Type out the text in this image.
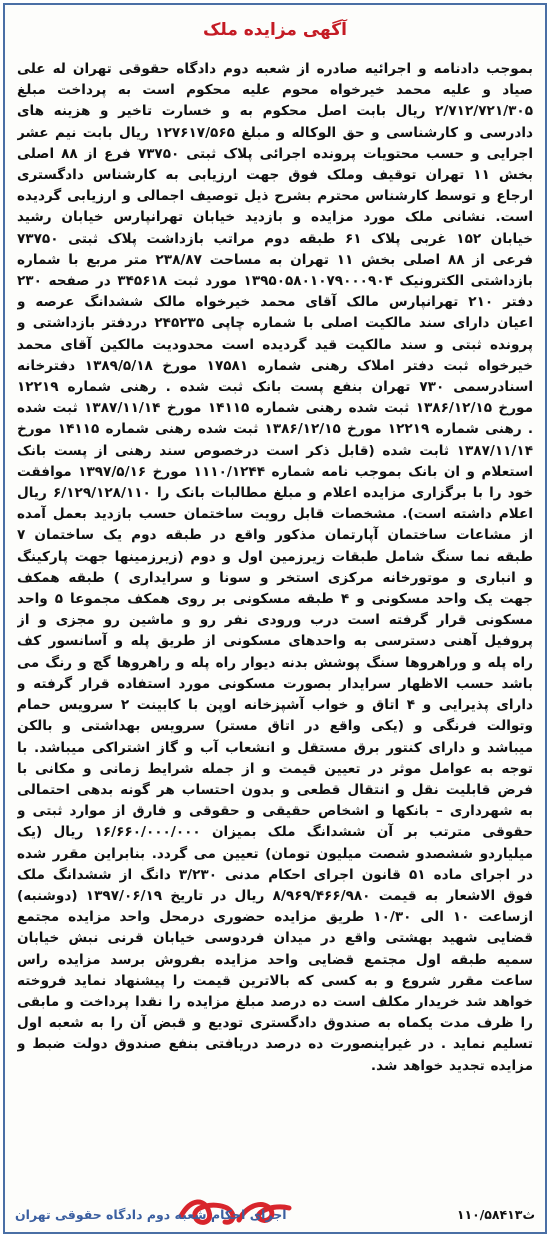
آگهی مزایده ملک
بموجب دادنامه و اجرائیه صادره از شعبه دوم دادگاه حقوقی تهران له علی صیاد و علیه محمد خیرخواه محوم علیه محکوم است به پرداخت مبلغ ۲/۷۱۲/۷۲۱/۳۰۵ ریال بابت اصل محکوم به و خسارت تاخیر و هزینه های دادرسی و کارشناسی و حق الوکاله و مبلغ ۱۲۷۶۱۷/۵۶۵ ریال بابت نیم عشر اجرایی و حسب محتویات پرونده اجرائی پلاک ثبتی ۷۳۷۵۰ فرع از ۸۸ اصلی بخش ۱۱ تهران توقیف وملک فوق جهت ارزیابی به کارشناس دادگستری ارجاع و توسط کارشناس محترم بشرح ذیل توصیف اجمالی و ارزیابی گردیده است. نشانی ملک مورد مزایده و بازدید خیابان تهرانپارس خیابان رشید خیابان ۱۵۲ غربی پلاک ۶۱ طبقه دوم مراتب بازداشت پلاک ثبتی ۷۳۷۵۰ فرعی از ۸۸ اصلی بخش ۱۱ تهران به مساحت ۲۳۸/۸۷ متر مربع با شماره بازداشتی الکترونیک ۱۳۹۵۰۵۸۰۱۰۷۹۰۰۰۹۰۴ مورد ثبت ۳۴۵۶۱۸ در صفحه ۲۳۰ دفتر ۲۱۰ تهرانپارس مالک آقای محمد خیرخواه مالک ششدانگ عرصه و اعیان دارای سند مالکیت اصلی با شماره چاپی ۲۴۵۲۳۵ دردفتر بازداشتی و پرونده ثبتی و سند مالکیت قید گردیده است محدودیت مالکین آقای محمد خیرخواه ثبت دفتر املاک رهنی شماره ۱۷۵۸۱ مورخ ۱۳۸۹/۵/۱۸ دفترخانه اسنادرسمی ۷۳۰ تهران بنفع پست بانک ثبت شده . رهنی شماره ۱۲۲۱۹ مورخ ۱۳۸۶/۱۲/۱۵ ثبت شده رهنی شماره ۱۴۱۱۵ مورخ ۱۳۸۷/۱۱/۱۴ ثبت شده . رهنی شماره ۱۲۲۱۹ مورخ ۱۳۸۶/۱۲/۱۵ ثبت شده رهنی شماره ۱۴۱۱۵ مورخ ۱۳۸۷/۱۱/۱۴ ثابت شده (قابل ذکر است درخصوص سند رهنی از پست بانک استعلام و ان بانک بموجب نامه شماره ۱۱۱۰/۱۲۴۴ مورخ ۱۳۹۷/۵/۱۶ موافقت خود را با برگزاری مزایده اعلام و مبلغ مطالبات بانک را ۶/۱۲۹/۱۲۸/۱۱۰ ریال اعلام داشته است). مشخصات قابل رویت ساختمان حسب بازدید بعمل آمده از مشاعات ساختمان آپارتمان مذکور واقع در طبقه دوم یک ساختمان ۷ طبقه نما سنگ شامل طبقات زیرزمین اول و دوم (زیرزمینها جهت پارکینگ و انباری و موتورخانه مرکزی استخر و سونا و سرایداری ) طبقه همکف جهت یک واحد مسکونی و ۴ طبقه مسکونی بر روی همکف مجموعا ۵ واحد مسکونی قرار گرفته است درب ورودی نفر رو و ماشین رو مجزی و از پروفیل آهنی دسترسی به واحدهای مسکونی از طریق پله و آسانسور کف راه پله و وراهروها سنگ پوشش بدنه دیوار راه پله و راهروها گچ و رنگ می باشد حسب الاظهار سرایدار بصورت مسکونی مورد استفاده قرار گرفته و دارای پذیرایی و ۴ اتاق و خواب آشپزخانه اوپن با کابینت ۲ سرویس حمام وتوالت فرنگی و (یکی واقع در اتاق مستر) سرویس بهداشتی و بالکن میباشد و دارای کنتور برق مستقل و انشعاب آب و گاز اشتراکی میباشد. با توجه به عوامل موثر در تعیین قیمت و از جمله شرایط زمانی و مکانی با فرض قابلیت نقل و انتقال قطعی و بدون احتساب هر گونه بدهی احتمالی به شهرداری – بانکها و اشخاص حقیقی و حقوقی و فارق از موارد ثبتی و حقوقی مترتب بر آن ششدانگ ملک بمیزان ۱۶/۶۶۰/۰۰۰/۰۰۰ ریال (یک میلیاردو ششصدو شصت میلیون تومان) تعیین می گردد. بنابراین مقرر شده در اجرای ماده ۵۱ قانون اجرای احکام مدنی ۳/۲۳۰ دانگ از ششدانگ ملک فوق الاشعار به قیمت ۸/۹۶۹/۴۶۶/۹۸۰ ریال در تاریخ ۱۳۹۷/۰۶/۱۹ (دوشنبه) ازساعت ۱۰ الی ۱۰/۳۰ طریق مزایده حضوری درمحل واحد مزایده مجتمع قضایی شهید بهشتی واقع در میدان فردوسی خیابان قرنی نبش خیابان سمیه طبقه اول مجتمع قضایی واحد مزایده بفروش برسد مزایده راس ساعت مقرر شروع و به کسی که بالاترین قیمت را پیشنهاد نماید فروخته خواهد شد خریدار مکلف است ده درصد مبلغ مزایده را نقدا پرداخت و مابقی را ظرف مدت یکماه به صندوق دادگستری تودیع و قبض آن را به شعبه اول تسلیم نماید . در غیراینصورت ده درصد دریافتی بنفع صندوق دولت ضبط و مزایده تجدید خواهد شد.
اجرای احکام شعبه دوم دادگاه حقوقی تهران	۱۱۰/۵۸۴۱۳ث
